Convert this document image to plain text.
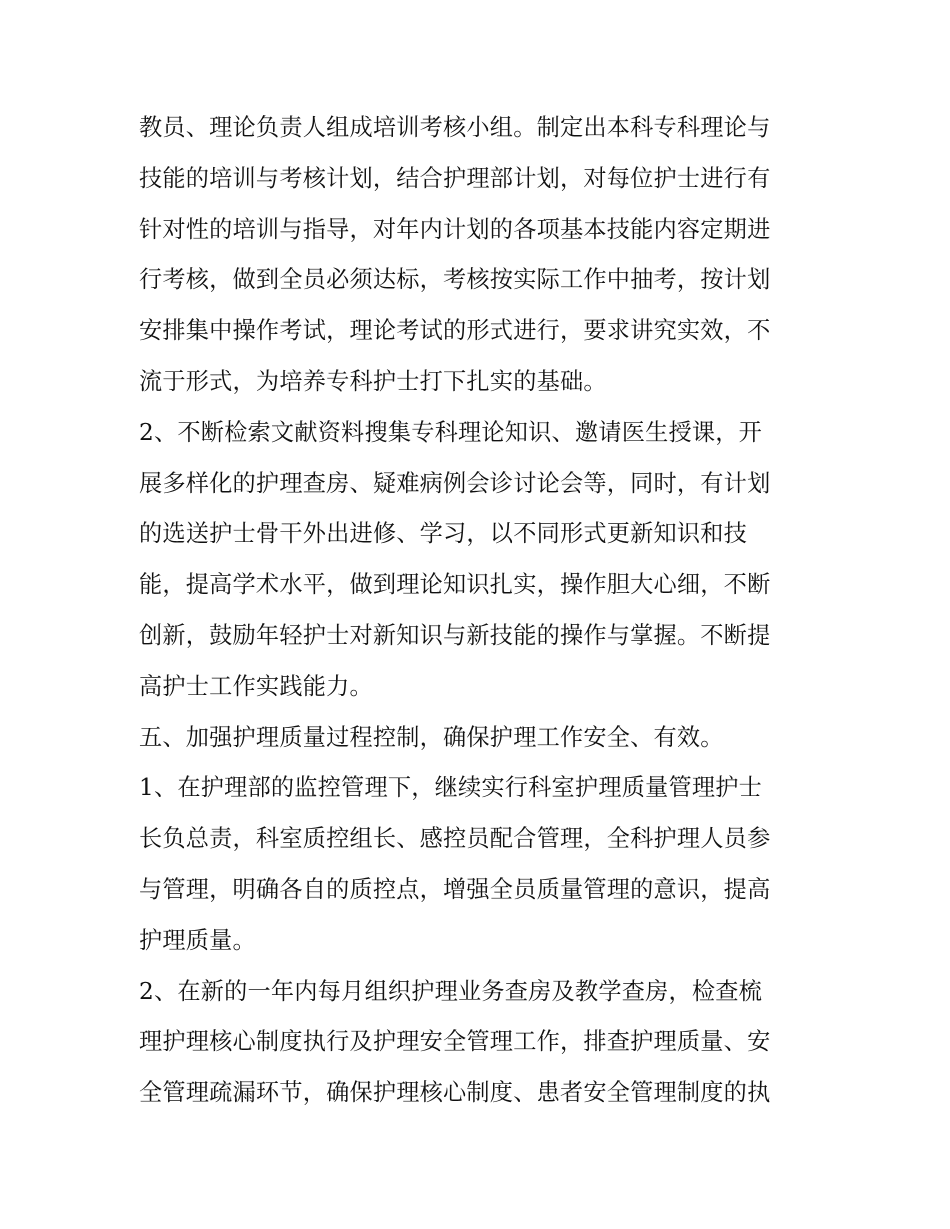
教员、理论负责人组成培训考核小组。制定出本科专科理论与
技能的培训与考核计划，结合护理部计划，对每位护士进行有
针对性的培训与指导，对年内计划的各项基本技能内容定期进
行考核，做到全员必须达标，考核按实际工作中抽考，按计划
安排集中操作考试，理论考试的形式进行，要求讲究实效，不
流于形式，为培养专科护士打下扎实的基础。
2、不断检索文献资料搜集专科理论知识、邀请医生授课，开
展多样化的护理查房、疑难病例会诊讨论会等，同时，有计划
的选送护士骨干外出进修、学习，以不同形式更新知识和技
能，提高学术水平，做到理论知识扎实，操作胆大心细，不断
创新，鼓励年轻护士对新知识与新技能的操作与掌握。不断提
高护士工作实践能力。
五、加强护理质量过程控制，确保护理工作安全、有效。
1、在护理部的监控管理下，继续实行科室护理质量管理护士
长负总责，科室质控组长、感控员配合管理，全科护理人员参
与管理，明确各自的质控点，增强全员质量管理的意识，提高
护理质量。
2、在新的一年内每月组织护理业务查房及教学查房，检查梳
理护理核心制度执行及护理安全管理工作，排查护理质量、安
全管理疏漏环节，确保护理核心制度、患者安全管理制度的执
